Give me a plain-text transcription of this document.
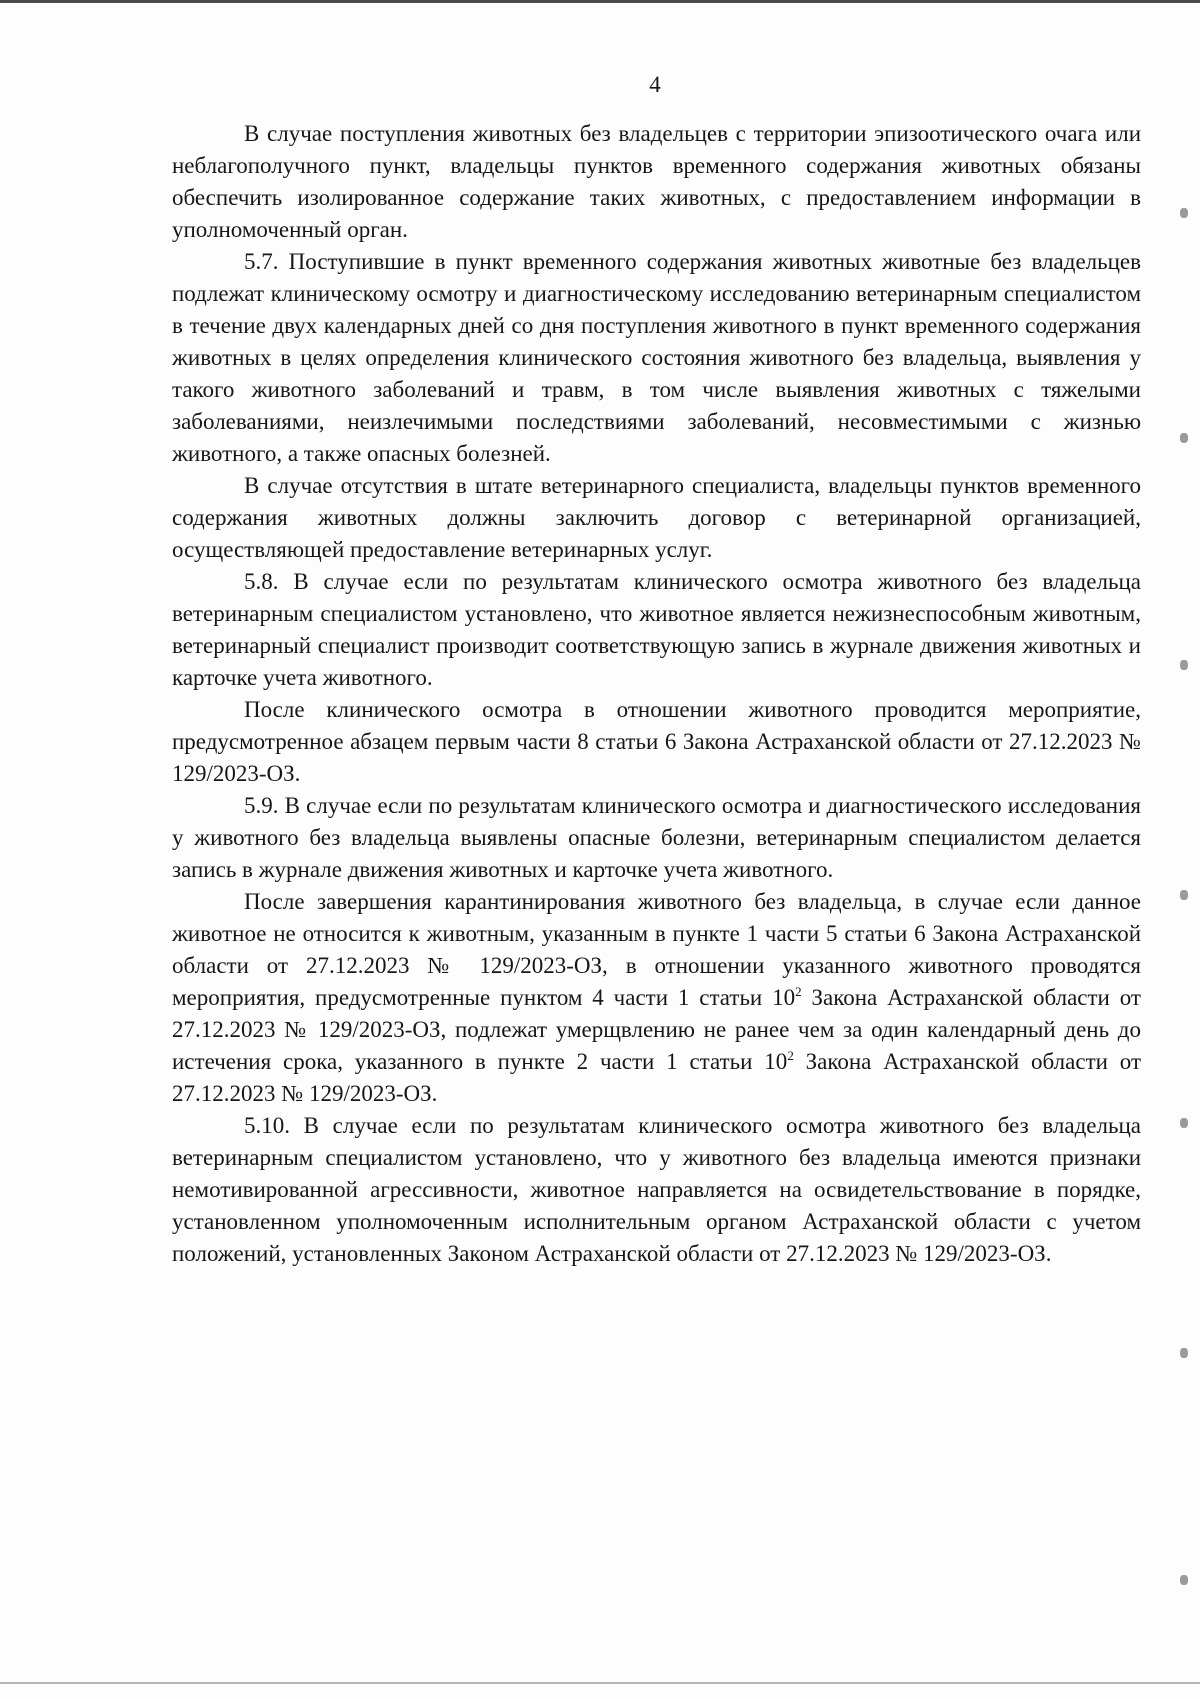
4

В случае поступления животных без владельцев с территории эпизоотического очага или неблагополучного пункт, владельцы пунктов временного содержания животных обязаны обеспечить изолированное содержание таких животных, с предоставлением информации в уполномоченный орган.

5.7. Поступившие в пункт временного содержания животных животные без владельцев подлежат клиническому осмотру и диагностическому исследованию ветеринарным специалистом в течение двух календарных дней со дня поступления животного в пункт временного содержания животных в целях определения клинического состояния животного без владельца, выявления у такого животного заболеваний и травм, в том числе выявления животных с тяжелыми заболеваниями, неизлечимыми последствиями заболеваний, несовместимыми с жизнью животного, а также опасных болезней.

В случае отсутствия в штате ветеринарного специалиста, владельцы пунктов временного содержания животных должны заключить договор с ветеринарной организацией, осуществляющей предоставление ветеринарных услуг.

5.8. В случае если по результатам клинического осмотра животного без владельца ветеринарным специалистом установлено, что животное является нежизнеспособным животным, ветеринарный специалист производит соответствующую запись в журнале движения животных и карточке учета животного.

После клинического осмотра в отношении животного проводится мероприятие, предусмотренное абзацем первым части 8 статьи 6 Закона Астраханской области от 27.12.2023 № 129/2023-ОЗ.

5.9. В случае если по результатам клинического осмотра и диагностического исследования у животного без владельца выявлены опасные болезни, ветеринарным специалистом делается запись в журнале движения животных и карточке учета животного.

После завершения карантинирования животного без владельца, в случае если данное животное не относится к животным, указанным в пункте 1 части 5 статьи 6 Закона Астраханской области от 27.12.2023 № 129/2023-ОЗ, в отношении указанного животного проводятся мероприятия, предусмотренные пунктом 4 части 1 статьи $10^2$ Закона Астраханской области от 27.12.2023 № 129/2023-ОЗ, подлежат умерщвлению не ранее чем за один календарный день до истечения срока, указанного в пункте 2 части 1 статьи $10^2$ Закона Астраханской области от 27.12.2023 № 129/2023-ОЗ.

5.10. В случае если по результатам клинического осмотра животного без владельца ветеринарным специалистом установлено, что у животного без владельца имеются признаки немотивированной агрессивности, животное направляется на освидетельствование в порядке, установленном уполномоченным исполнительным органом Астраханской области с учетом положений, установленных Законом Астраханской области от 27.12.2023 № 129/2023-ОЗ.
